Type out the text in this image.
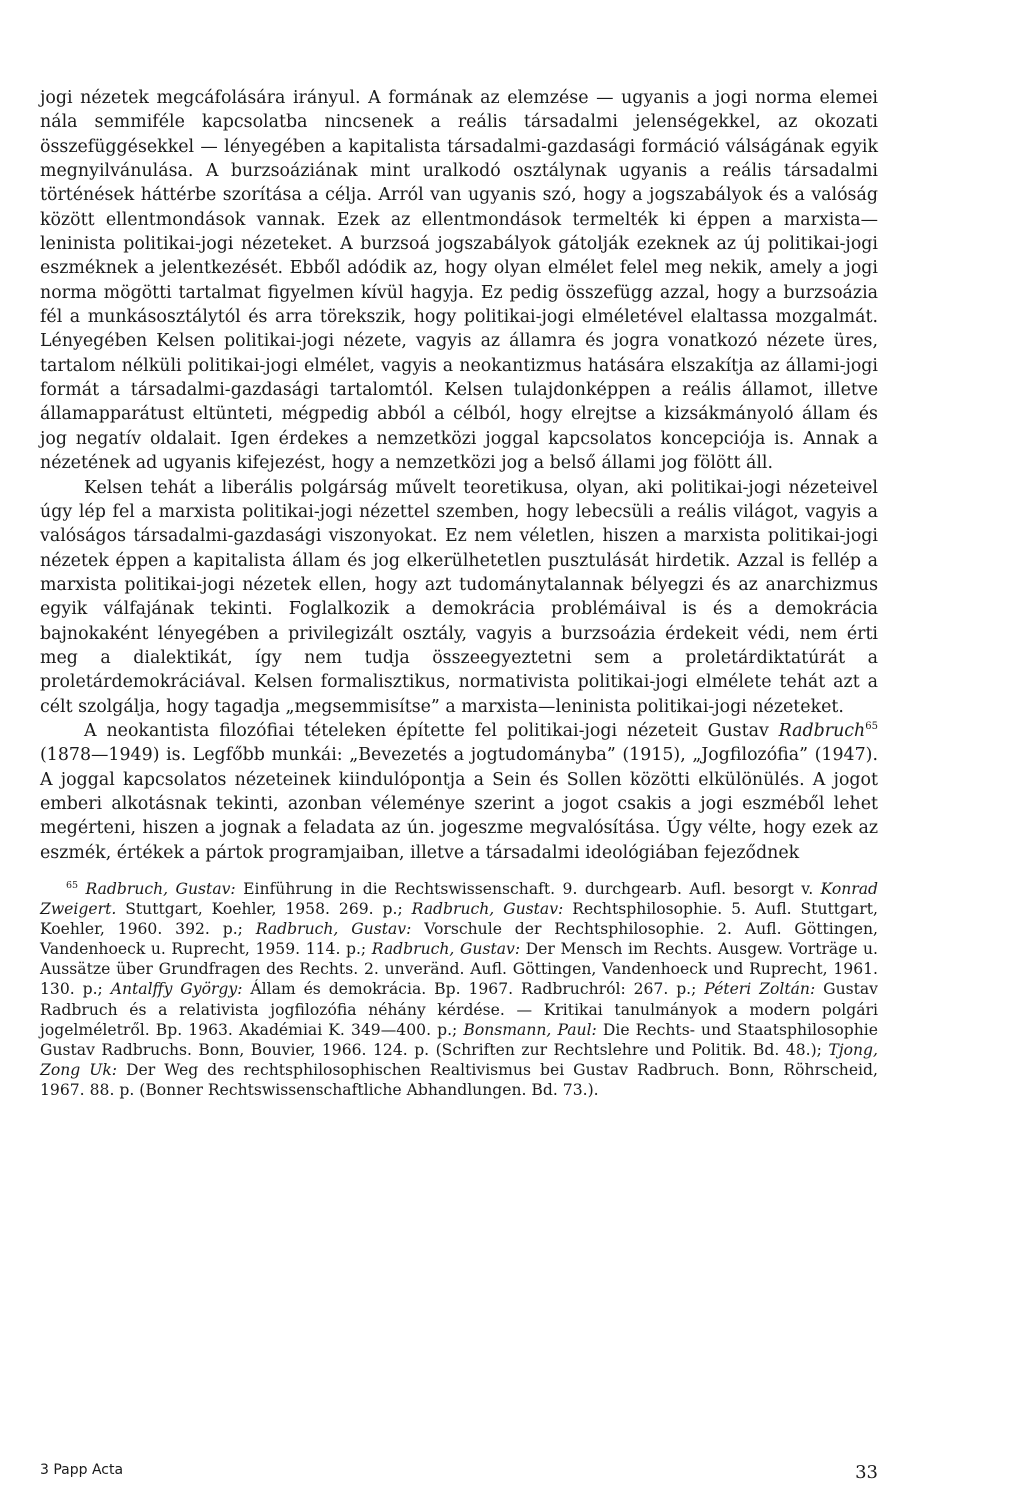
jogi nézetek megcáfolására irányul. A formának az elemzése — ugyanis a jogi norma elemei nála semmiféle kapcsolatba nincsenek a reális társadalmi jelenségekkel, az okozati összefüggésekkel — lényegében a kapitalista társadalmi-gazdasági formáció válságának egyik megnyilvánulása. A burzsoáziának mint uralkodó osztálynak ugyanis a reális társadalmi történések háttérbe szorítása a célja. Arról van ugyanis szó, hogy a jogszabályok és a valóság között ellentmondások vannak. Ezek az ellentmondások termelték ki éppen a marxista—leninista politikai-jogi nézeteket. A burzsoá jogszabályok gátolják ezeknek az új politikai-jogi eszméknek a jelentkezését. Ebből adódik az, hogy olyan elmélet felel meg nekik, amely a jogi norma mögötti tartalmat figyelmen kívül hagyja. Ez pedig összefügg azzal, hogy a burzsoázia fél a munkásosztálytól és arra törekszik, hogy politikai-jogi elméletével elaltassa mozgalmát. Lényegében Kelsen politikai-jogi nézete, vagyis az államra és jogra vonatkozó nézete üres, tartalom nélküli politikai-jogi elmélet, vagyis a neokantizmus hatására elszakítja az állami-jogi formát a társadalmi-gazdasági tartalomtól. Kelsen tulajdonképpen a reális államot, illetve államapparátust eltünteti, mégpedig abból a célból, hogy elrejtse a kizsákmányoló állam és jog negatív oldalait. Igen érdekes a nemzetközi joggal kapcsolatos koncepciója is. Annak a nézetének ad ugyanis kifejezést, hogy a nemzetközi jog a belső állami jog fölött áll.

Kelsen tehát a liberális polgárság művelt teoretikusa, olyan, aki politikai-jogi nézeteivel úgy lép fel a marxista politikai-jogi nézettel szemben, hogy lebecsüli a reális világot, vagyis a valóságos társadalmi-gazdasági viszonyokat. Ez nem véletlen, hiszen a marxista politikai-jogi nézetek éppen a kapitalista állam és jog elkerülhetetlen pusztulását hirdetik. Azzal is fellép a marxista politikai-jogi nézetek ellen, hogy azt tudománytalannak bélyegzi és az anarchizmus egyik válfajának tekinti. Foglalkozik a demokrácia problémáival is és a demokrácia bajnokaként lényegében a privilegizált osztály, vagyis a burzsoázia érdekeit védi, nem érti meg a dialektikát, így nem tudja összeegyeztetni sem a proletárdiktatúrát a proletárdemokráciával. Kelsen formalisztikus, normativista politikai-jogi elmélete tehát azt a célt szolgálja, hogy tagadja „megsemmisítse” a marxista—leninista politikai-jogi nézeteket.

A neokantista filozófiai tételeken építette fel politikai-jogi nézeteit Gustav Radbruch$^{65}$ (1878—1949) is. Legfőbb munkái: „Bevezetés a jogtudományba” (1915), „Jogfilozófia” (1947). A joggal kapcsolatos nézeteinek kiindulópontja a Sein és Sollen közötti elkülönülés. A jogot emberi alkotásnak tekinti, azonban véleménye szerint a jogot csakis a jogi eszméből lehet megérteni, hiszen a jognak a feladata az ún. jogeszme megvalósítása. Úgy vélte, hogy ezek az eszmék, értékek a pártok programjaiban, illetve a társadalmi ideológiában fejeződnek

$^{65}$ Radbruch, Gustav: Einführung in die Rechtswissenschaft. 9. durchgearb. Aufl. besorgt v. Konrad Zweigert. Stuttgart, Koehler, 1958. 269. p.; Radbruch, Gustav: Rechtsphilosophie. 5. Aufl. Stuttgart, Koehler, 1960. 392. p.; Radbruch, Gustav: Vorschule der Rechtsphilosophie. 2. Aufl. Göttingen, Vandenhoeck u. Ruprecht, 1959. 114. p.; Radbruch, Gustav: Der Mensch im Rechts. Ausgew. Vorträge u. Aussätze über Grundfragen des Rechts. 2. unveränd. Aufl. Göttingen, Vandenhoeck und Ruprecht, 1961. 130. p.; Antalffy György: Állam és demokrácia. Bp. 1967. Radbruchról: 267. p.; Péteri Zoltán: Gustav Radbruch és a relativista jogfilozófia néhány kérdése. — Kritikai tanulmányok a modern polgári jogelméletről. Bp. 1963. Akadémiai K. 349—400. p.; Bonsmann, Paul: Die Rechts- und Staatsphilosophie Gustav Radbruchs. Bonn, Bouvier, 1966. 124. p. (Schriften zur Rechtslehre und Politik. Bd. 48.); Tjong, Zong Uk: Der Weg des rechtsphilosophischen Realtivismus bei Gustav Radbruch. Bonn, Röhrscheid, 1967. 88. p. (Bonner Rechtswissenschaftliche Abhandlungen. Bd. 73.).
3 Papp Acta	33
